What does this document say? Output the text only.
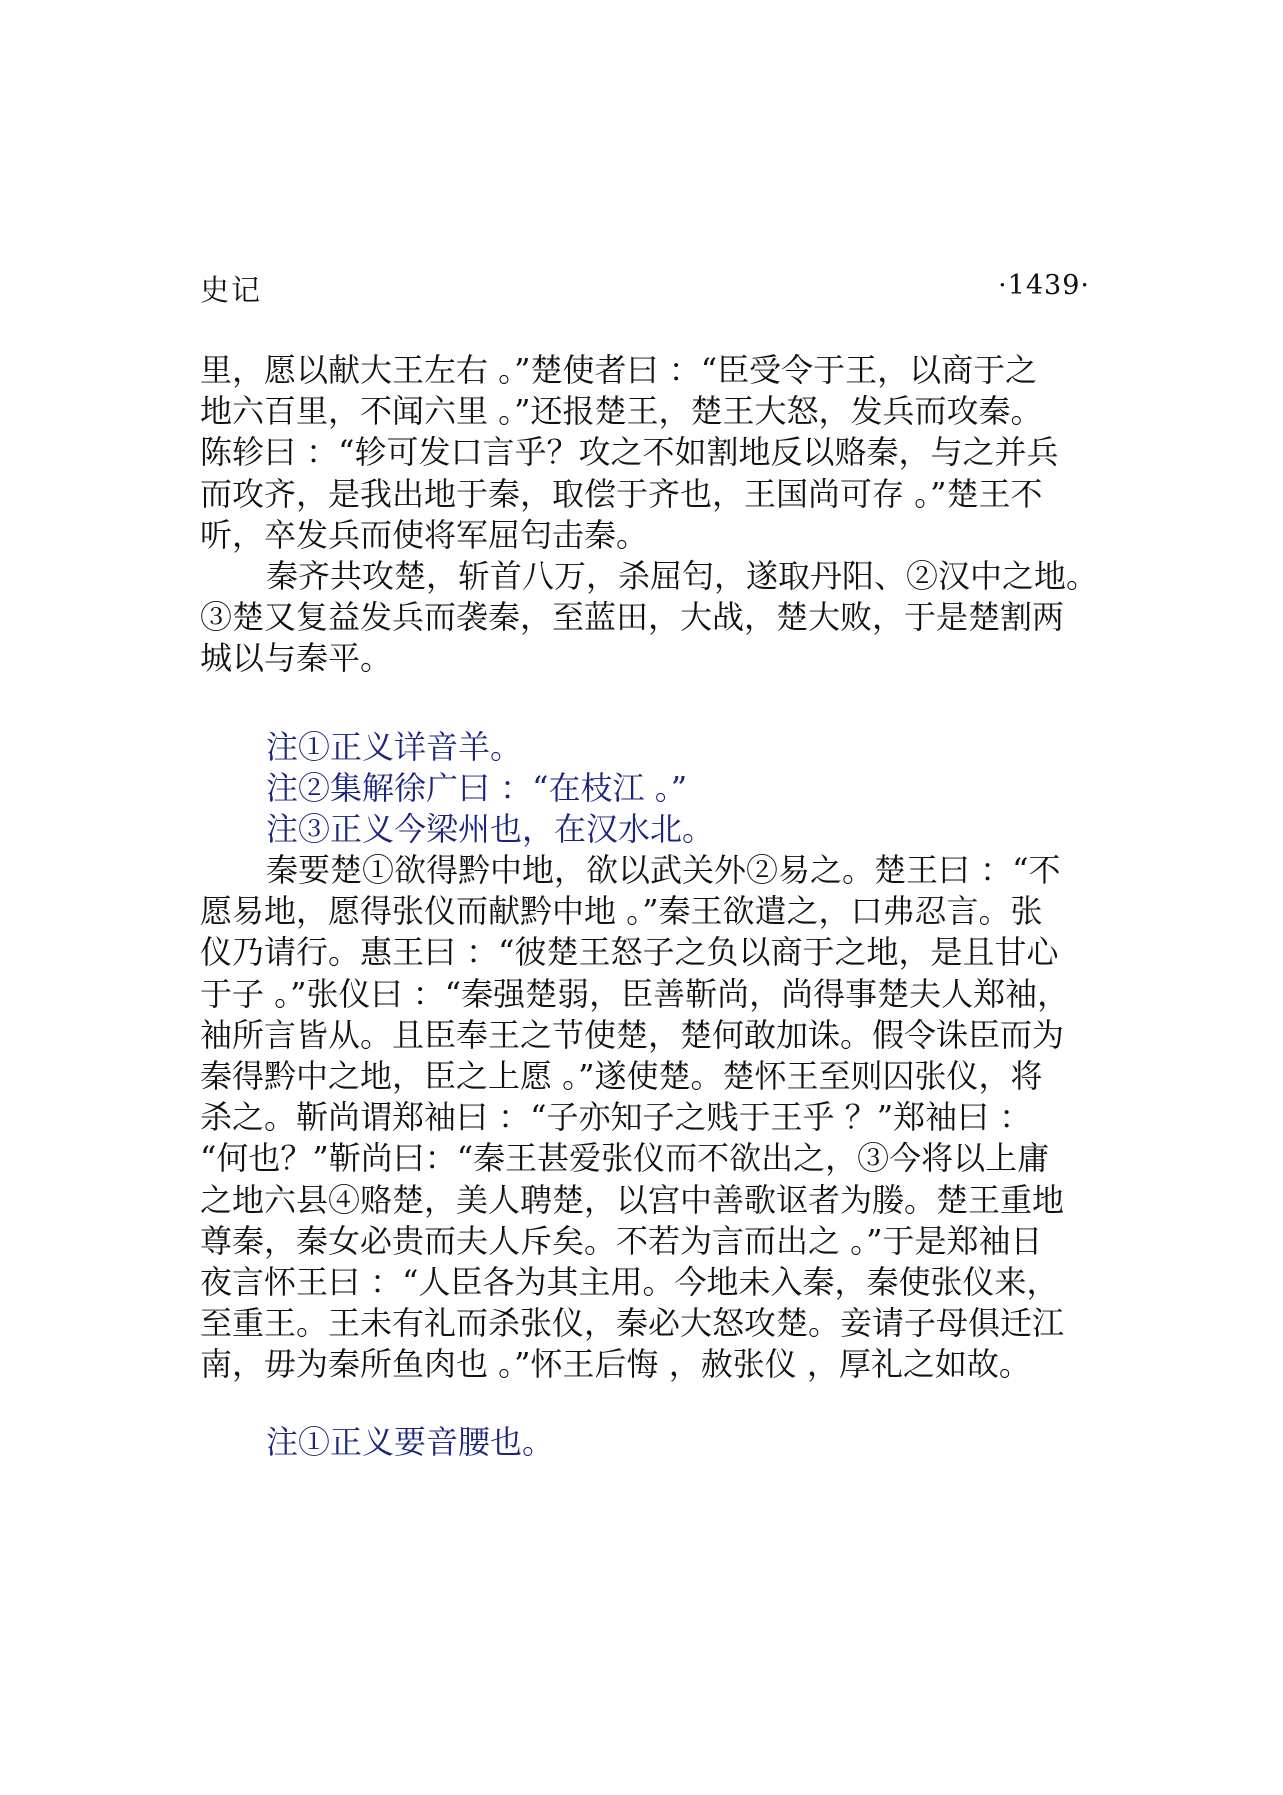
史记	·1439·
里，愿以献大王左右 。”楚使者曰 ：“臣受令于王，以商于之
地六百里，不闻六里 。”还报楚王，楚王大怒，发兵而攻秦。
陈轸曰 ：“轸可发口言乎？攻之不如割地反以赂秦，与之并兵
而攻齐，是我出地于秦，取偿于齐也，王国尚可存 。”楚王不
听，卒发兵而使将军屈匄击秦。
秦齐共攻楚，斩首八万，杀屈匄，遂取丹阳、②汉中之地。
③楚又复益发兵而袭秦，至蓝田，大战，楚大败，于是楚割两
城以与秦平。
注①正义详音羊。
注②集解徐广曰 ：“在枝江 。”
注③正义今梁州也，在汉水北。
秦要楚①欲得黔中地，欲以武关外②易之。楚王曰 ：“不
愿易地，愿得张仪而献黔中地 。”秦王欲遣之，口弗忍言。张
仪乃请行。惠王曰 ：“彼楚王怒子之负以商于之地，是且甘心
于子 。”张仪曰 ：“秦强楚弱，臣善靳尚，尚得事楚夫人郑袖，
袖所言皆从。且臣奉王之节使楚，楚何敢加诛。假令诛臣而为
秦得黔中之地，臣之上愿 。”遂使楚。楚怀王至则囚张仪，将
杀之。靳尚谓郑袖曰 ：“子亦知子之贱于王乎 ？”郑袖曰 ：
“何也？”靳尚曰：“秦王甚爱张仪而不欲出之，③今将以上庸
之地六县④赂楚，美人聘楚，以宫中善歌讴者为媵。楚王重地
尊秦，秦女必贵而夫人斥矣。不若为言而出之 。”于是郑袖日
夜言怀王曰 ：“人臣各为其主用。今地未入秦，秦使张仪来，
至重王。王未有礼而杀张仪，秦必大怒攻楚。妾请子母俱迁江
南，毋为秦所鱼肉也 。”怀王后悔 ，赦张仪 ，厚礼之如故。
注①正义要音腰也。
